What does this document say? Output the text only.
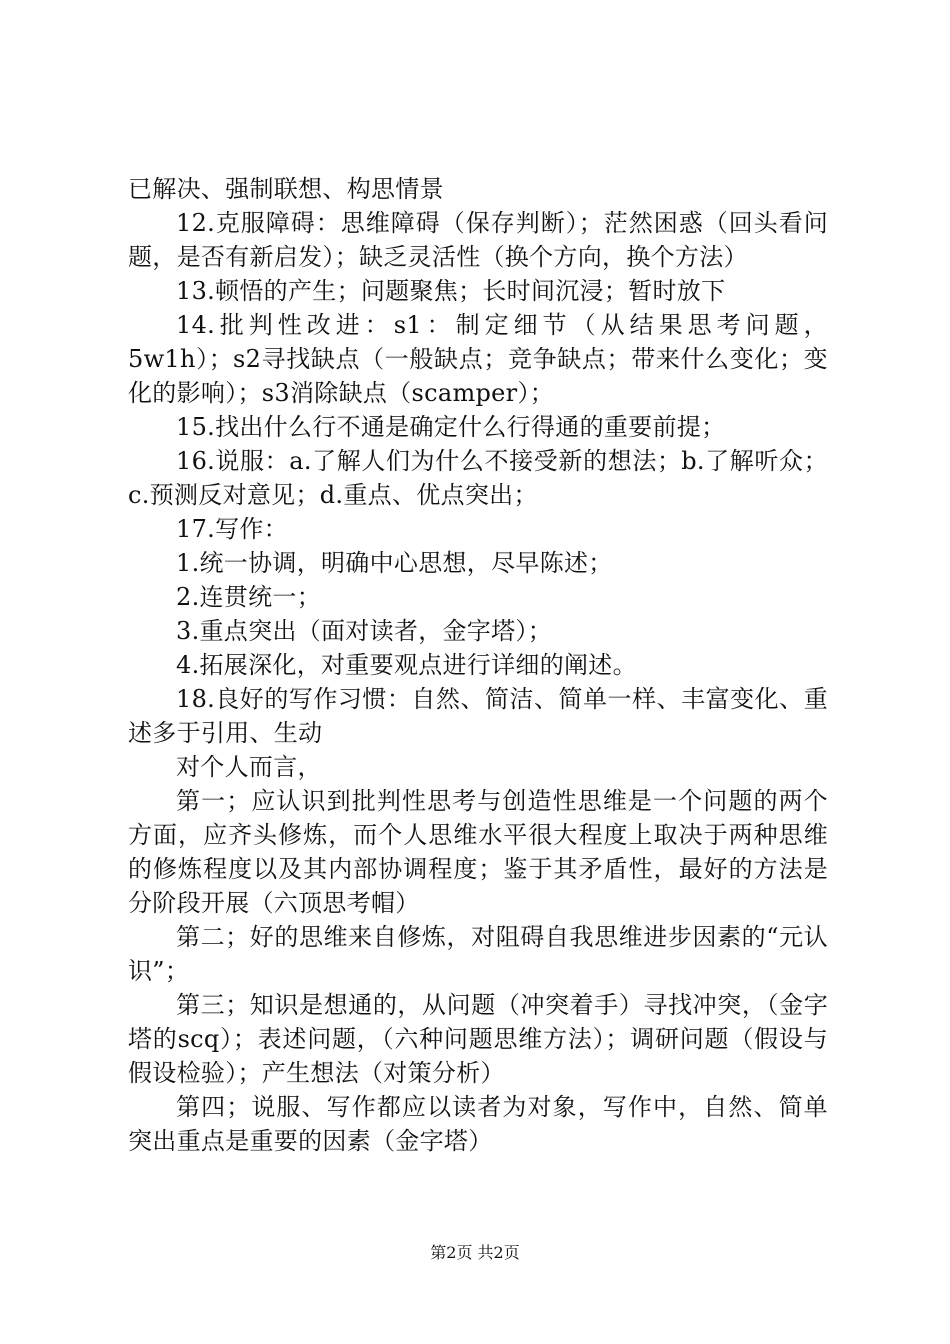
已解决、强制联想、构思情景

12.克服障碍：思维障碍（保存判断）；茫然困惑（回头看问题，是否有新启发）；缺乏灵活性（换个方向，换个方法）

13.顿悟的产生；问题聚焦；长时间沉浸；暂时放下

14.批判性改进：s1：制定细节（从结果思考问题，5w1h）；s2寻找缺点（一般缺点；竞争缺点；带来什么变化；变化的影响）；s3消除缺点（scamper）；

15.找出什么行不通是确定什么行得通的重要前提；

16.说服：a.了解人们为什么不接受新的想法；b.了解听众；c.预测反对意见；d.重点、优点突出；

17.写作：

1.统一协调，明确中心思想，尽早陈述；

2.连贯统一；

3.重点突出（面对读者，金字塔）；

4.拓展深化，对重要观点进行详细的阐述。

18.良好的写作习惯：自然、简洁、简单一样、丰富变化、重述多于引用、生动

对个人而言，

第一；应认识到批判性思考与创造性思维是一个问题的两个方面，应齐头修炼，而个人思维水平很大程度上取决于两种思维的修炼程度以及其内部协调程度；鉴于其矛盾性，最好的方法是分阶段开展（六顶思考帽）

第二；好的思维来自修炼，对阻碍自我思维进步因素的“元认识”；

第三；知识是想通的，从问题（冲突着手）寻找冲突，（金字塔的scq）；表述问题，（六种问题思维方法）；调研问题（假设与假设检验）；产生想法（对策分析）

第四；说服、写作都应以读者为对象，写作中，自然、简单突出重点是重要的因素（金字塔）

第2页 共2页
